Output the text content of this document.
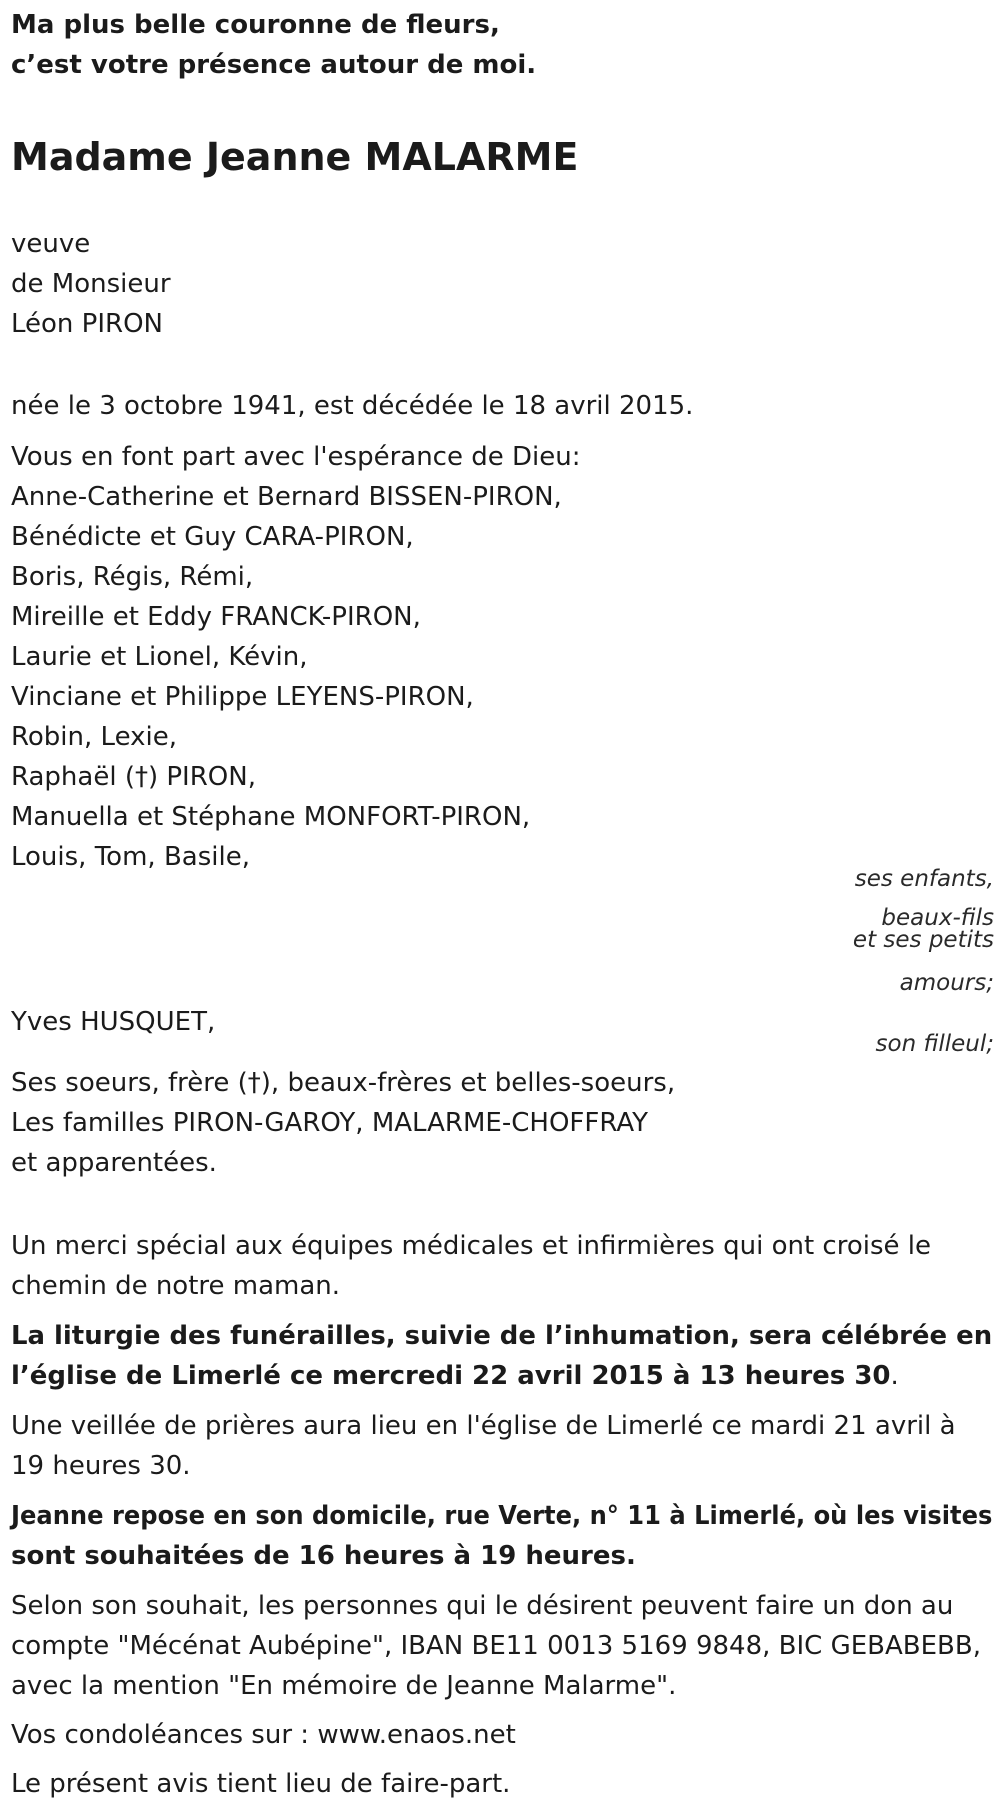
Ma plus belle couronne de fleurs,
c’est votre présence autour de moi.
Madame Jeanne MALARME
veuve
de Monsieur
Léon PIRON
née le 3 octobre 1941, est décédée le 18 avril 2015.
Vous en font part avec l'espérance de Dieu:
Anne-Catherine et Bernard BISSEN-PIRON,
Bénédicte et Guy CARA-PIRON,
Boris, Régis, Rémi,
Mireille et Eddy FRANCK-PIRON,
Laurie et Lionel, Kévin,
Vinciane et Philippe LEYENS-PIRON,
Robin, Lexie,
Raphaël (†) PIRON,
Manuella et Stéphane MONFORT-PIRON,
Louis, Tom, Basile,
ses enfants,
beaux-fils
et ses petits
amours;
Yves HUSQUET,
son filleul;
Ses soeurs, frère (†), beaux-frères et belles-soeurs,
Les familles PIRON-GAROY, MALARME-CHOFFRAY
et apparentées.
Un merci spécial aux équipes médicales et infirmières qui ont croisé le
chemin de notre maman.
La liturgie des funérailles, suivie de l’inhumation, sera célébrée en
l’église de Limerlé ce mercredi 22 avril 2015 à 13 heures 30.
Une veillée de prières aura lieu en l'église de Limerlé ce mardi 21 avril à
19 heures 30.
Jeanne repose en son domicile, rue Verte, n° 11 à Limerlé, où les visites
sont souhaitées de 16 heures à 19 heures.
Selon son souhait, les personnes qui le désirent peuvent faire un don au
compte "Mécénat Aubépine", IBAN BE11 0013 5169 9848, BIC GEBABEBB,
avec la mention "En mémoire de Jeanne Malarme".
Vos condoléances sur : www.enaos.net
Le présent avis tient lieu de faire-part.
